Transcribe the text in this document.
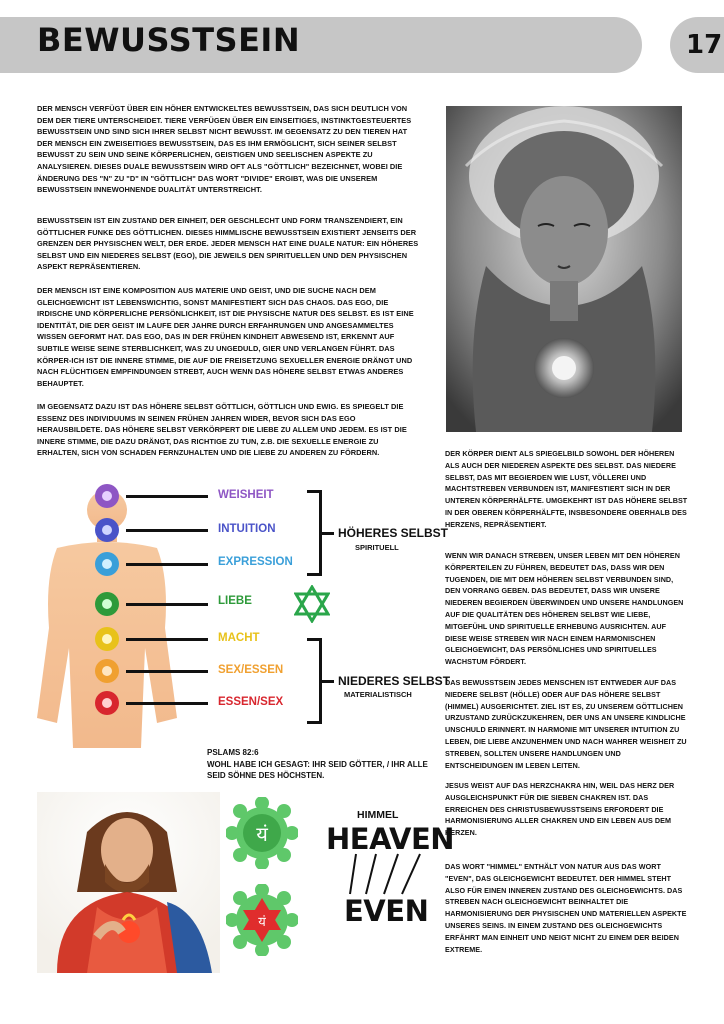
BEWUSSTSEIN	17

DER MENSCH VERFÜGT ÜBER EIN HÖHER ENTWICKELTES BEWUSSTSEIN, DAS SICH DEUTLICH VON DEM DER TIERE UNTERSCHEIDET. TIERE VERFÜGEN ÜBER EIN EINSEITIGES, INSTINKTGESTEUERTES BEWUSSTSEIN UND SIND SICH IHRER SELBST NICHT BEWUSST. IM GEGENSATZ ZU DEN TIEREN HAT DER MENSCH EIN ZWEISEITIGES BEWUSSTSEIN, DAS ES IHM ERMÖGLICHT, SICH SEINER SELBST BEWUSST ZU SEIN UND SEINE KÖRPERLICHEN, GEISTIGEN UND SEELISCHEN ASPEKTE ZU ANALYSIEREN. DIESES DUALE BEWUSSTSEIN WIRD OFT ALS "GÖTTLICH" BEZEICHNET, WOBEI DIE ÄNDERUNG DES "N" ZU "D" IN "GÖTTLICH" DAS WORT "DIVIDE" ERGIBT, WAS DIE UNSEREM BEWUSSTSEIN INNEWOHNENDE DUALITÄT UNTERSTREICHT.

BEWUSSTSEIN IST EIN ZUSTAND DER EINHEIT, DER GESCHLECHT UND FORM TRANSZENDIERT, EIN GÖTTLICHER FUNKE DES GÖTTLICHEN. DIESES HIMMLISCHE BEWUSSTSEIN EXISTIERT JENSEITS DER GRENZEN DER PHYSISCHEN WELT, DER ERDE. JEDER MENSCH HAT EINE DUALE NATUR: EIN HÖHERES SELBST UND EIN NIEDERES SELBST (EGO), DIE JEWEILS DEN SPIRITUELLEN UND DEN PHYSISCHEN ASPEKT REPRÄSENTIEREN.

DER MENSCH IST EINE KOMPOSITION AUS MATERIE UND GEIST, UND DIE SUCHE NACH DEM GLEICHGEWICHT IST LEBENSWICHTIG, SONST MANIFESTIERT SICH DAS CHAOS. DAS EGO, DIE IRDISCHE UND KÖRPERLICHE PERSÖNLICHKEIT, IST DIE PHYSISCHE NATUR DES SELBST. ES IST EINE IDENTITÄT, DIE DER GEIST IM LAUFE DER JAHRE DURCH ERFAHRUNGEN UND ANGESAMMELTES WISSEN GEFORMT HAT. DAS EGO, DAS IN DER FRÜHEN KINDHEIT ABWESEND IST, ERKENNT AUF SUBTILE WEISE SEINE STERBLICHKEIT, WAS ZU UNGEDULD, GIER UND VERLANGEN FÜHRT. DAS KÖRPER-ICH IST DIE INNERE STIMME, DIE AUF DIE FREISETZUNG SEXUELLER ENERGIE DRÄNGT UND NACH FLÜCHTIGEN EMPFINDUNGEN STREBT, AUCH WENN DAS HÖHERE SELBST ETWAS ANDERES BEHAUPTET.

IM GEGENSATZ DAZU IST DAS HÖHERE SELBST GÖTTLICH, GÖTTLICH UND EWIG. ES SPIEGELT DIE ESSENZ DES INDIVIDUUMS IN SEINEN FRÜHEN JAHREN WIDER, BEVOR SICH DAS EGO HERAUSBILDETE. DAS HÖHERE SELBST VERKÖRPERT DIE LIEBE ZU ALLEM UND JEDEM. ES IST DIE INNERE STIMME, DIE DAZU DRÄNGT, DAS RICHTIGE ZU TUN, Z.B. DIE SEXUELLE ENERGIE ZU ERHALTEN, SICH VON SCHADEN FERNZUHALTEN UND DIE LIEBE ZU ANDEREN ZU FÖRDERN.	DER KÖRPER DIENT ALS SPIEGELBILD SOWOHL DER HÖHEREN ALS AUCH DER NIEDEREN ASPEKTE DES SELBST. DAS NIEDERE SELBST, DAS MIT BEGIERDEN WIE LUST, VÖLLEREI UND MACHTSTREBEN VERBUNDEN IST, MANIFESTIERT SICH IN DER UNTEREN KÖRPERHÄLFTE. UMGEKEHRT IST DAS HÖHERE SELBST IN DER OBEREN KÖRPERHÄLFTE, INSBESONDERE OBERHALB DES HERZENS, REPRÄSENTIERT.

WENN WIR DANACH STREBEN, UNSER LEBEN MIT DEN HÖHEREN KÖRPERTEILEN ZU FÜHREN, BEDEUTET DAS, DASS WIR DEN TUGENDEN, DIE MIT DEM HÖHEREN SELBST VERBUNDEN SIND, DEN VORRANG GEBEN. DAS BEDEUTET, DASS WIR UNSERE NIEDEREN BEGIERDEN ÜBERWINDEN UND UNSERE HANDLUNGEN AUF DIE QUALITÄTEN DES HÖHEREN SELBST WIE LIEBE, MITGEFÜHL UND SPIRITUELLE ERHEBUNG AUSRICHTEN. AUF DIESE WEISE STREBEN WIR NACH EINEM HARMONISCHEN GLEICHGEWICHT, DAS PERSÖNLICHES UND SPIRITUELLES WACHSTUM FÖRDERT.

DAS BEWUSSTSEIN JEDES MENSCHEN IST ENTWEDER AUF DAS NIEDERE SELBST (HÖLLE) ODER AUF DAS HÖHERE SELBST (HIMMEL) AUSGERICHTET. ZIEL IST ES, ZU UNSEREM GÖTTLICHEN URZUSTAND ZURÜCKZUKEHREN, DER UNS AN UNSERE KINDLICHE UNSCHULD ERINNERT. IN HARMONIE MIT UNSERER INTUITION ZU LEBEN, DIE LIEBE ANZUNEHMEN UND NACH WAHRER WEISHEIT ZU STREBEN, SOLLTEN UNSERE HANDLUNGEN UND ENTSCHEIDUNGEN IM LEBEN LEITEN.

JESUS WEIST AUF DAS HERZCHAKRA HIN, WEIL DAS HERZ DER AUSGLEICHSPUNKT FÜR DIE SIEBEN CHAKREN IST. DAS ERREICHEN DES CHRISTUSBEWUSSTSEINS ERFORDERT DIE HARMONISIERUNG ALLER CHAKREN UND EIN LEBEN AUS DEM HERZEN.

DAS WORT "HIMMEL" ENTHÄLT VON NATUR AUS DAS WORT "EVEN", DAS GLEICHGEWICHT BEDEUTET. DER HIMMEL STEHT ALSO FÜR EINEN INNEREN ZUSTAND DES GLEICHGEWICHTS. DAS STREBEN NACH GLEICHGEWICHT BEINHALTET DIE HARMONISIERUNG DER PHYSISCHEN UND MATERIELLEN ASPEKTE UNSERES SEINS. IN EINEM ZUSTAND DES GLEICHGEWICHTS ERFÄHRT MAN EINHEIT UND NEIGT NICHT ZU EINEM DER BEIDEN EXTREME.

WEISHEIT
INTUITION
EXPRESSION
LIEBE
MACHT
SEX/ESSEN
ESSEN/SEX
HÖHERES SELBST
SPIRITUELL
NIEDERES SELBST
MATERIALISTISCH

PSLAMS 82:6
WOHL HABE ICH GESAGT: IHR SEID GÖTTER, / IHR ALLE SEID SÖHNE DES HÖCHSTEN.

यं
यं
HIMMEL
HEAVEN
EVEN
